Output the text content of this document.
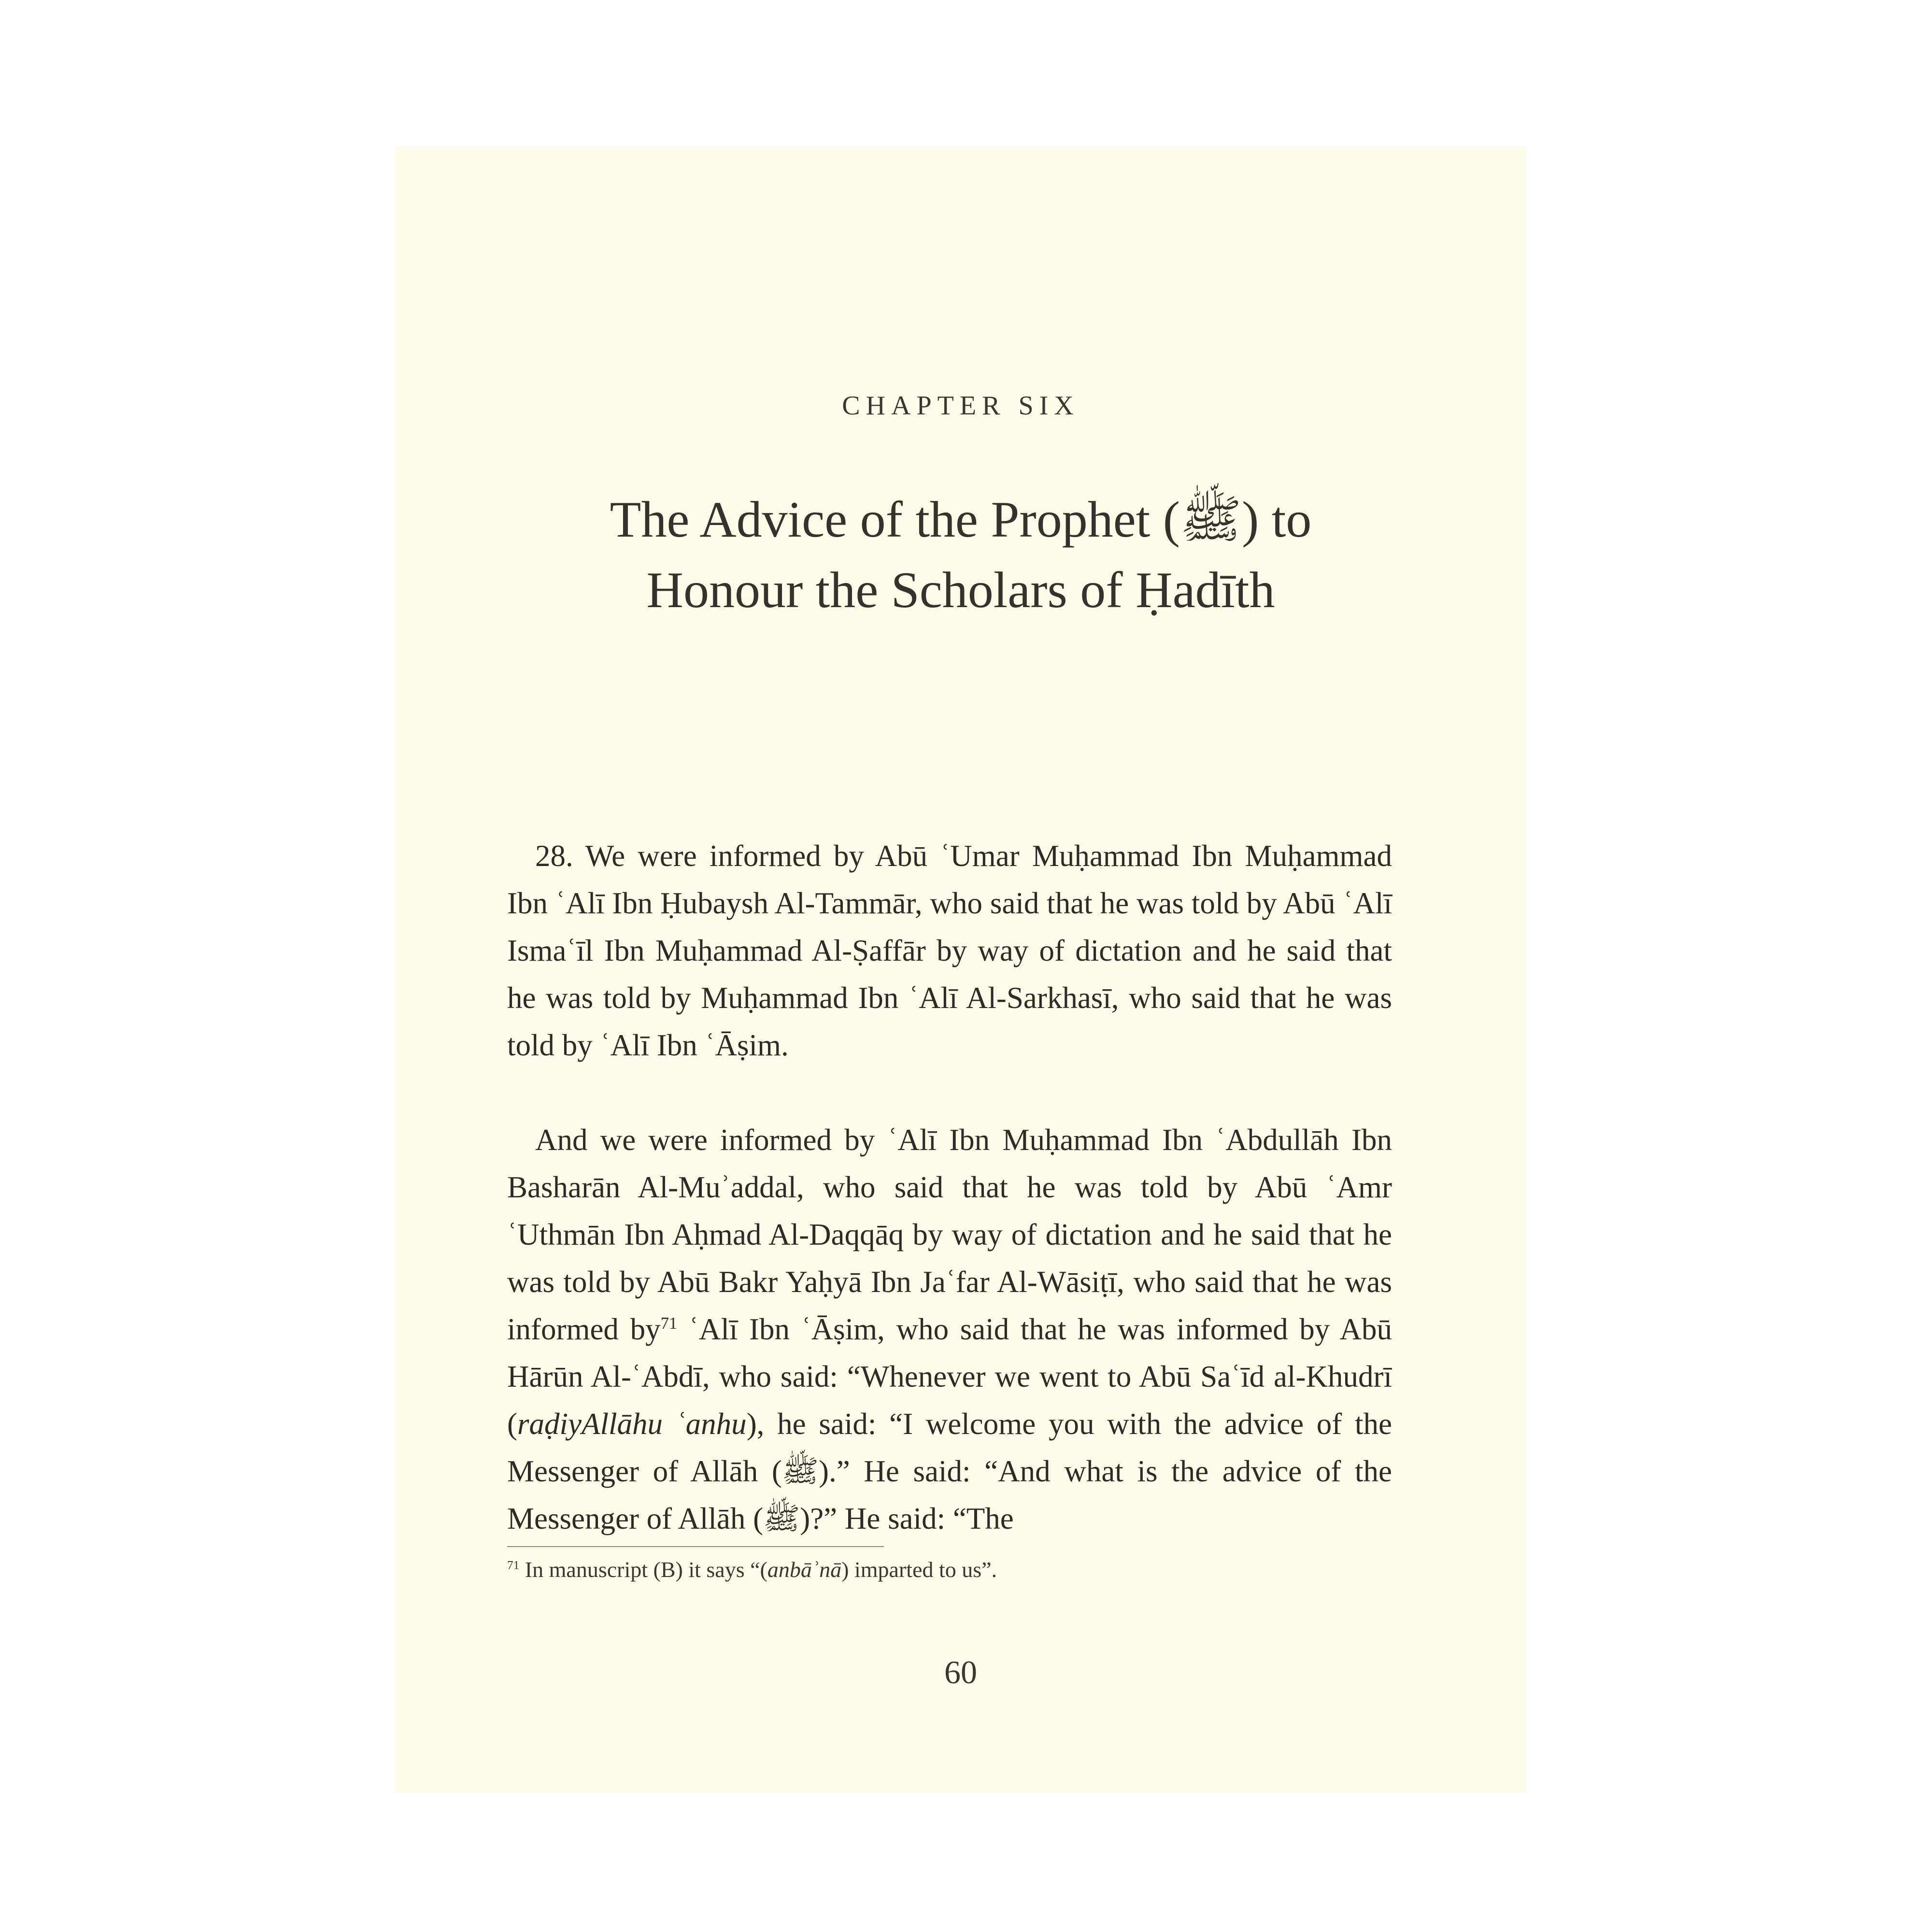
CHAPTER SIX
The Advice of the Prophet (ﷺ) to
Honour the Scholars of Ḥadīth

28. We were informed by Abū ʿUmar Muḥammad Ibn Muḥammad Ibn ʿAlī Ibn Ḥubaysh Al-Tammār, who said that he was told by Abū ʿAlī Ismaʿīl Ibn Muḥammad Al-Ṣaffār by way of dictation and he said that he was told by Muḥammad Ibn ʿAlī Al-Sarkhasī, who said that he was told by ʿAlī Ibn ʿĀṣim.

And we were informed by ʿAlī Ibn Muḥammad Ibn ʿAbdullāh Ibn Basharān Al-Muʾaddal, who said that he was told by Abū ʿAmr ʿUthmān Ibn Aḥmad Al-Daqqāq by way of dictation and he said that he was told by Abū Bakr Yaḥyā Ibn Jaʿfar Al-Wāsiṭī, who said that he was informed $by^{71}$ ʿAlī Ibn ʿĀṣim, who said that he was informed by Abū Hārūn Al-ʿAbdī, who said: “Whenever we went to Abū Saʿīd al-Khudrī (raḍiyAllāhu ʿanhu), he said: “I welcome you with the advice of the Messenger of Allāh (ﷺ).” He said: “And what is the advice of the Messenger of Allāh (ﷺ)?” He said: “The

$^{71}$ In manuscript (B) it says “(anbāʾnā) imparted to us”.
60
